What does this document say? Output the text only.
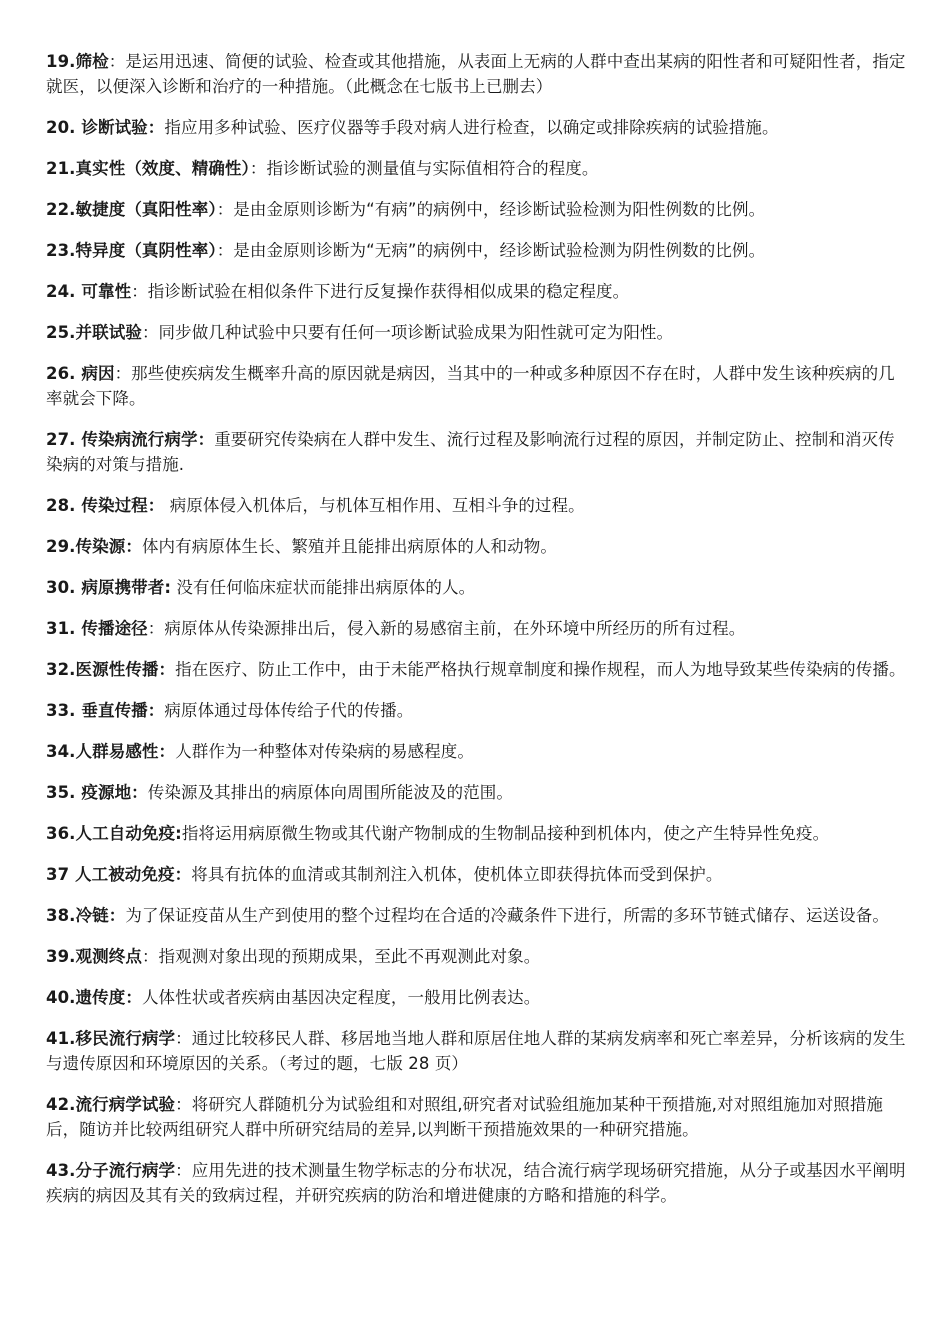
19.筛检：是运用迅速、简便的试验、检查或其他措施，从表面上无病的人群中查出某病的阳性者和可疑阳性者，指定就医，以便深入诊断和治疗的一种措施。（此概念在七版书上已删去）

20. 诊断试验：指应用多种试验、医疗仪器等手段对病人进行检查，以确定或排除疾病的试验措施。

21.真实性（效度、精确性）：指诊断试验的测量值与实际值相符合的程度。

22.敏捷度（真阳性率）：是由金原则诊断为“有病”的病例中，经诊断试验检测为阳性例数的比例。

23.特异度（真阴性率）：是由金原则诊断为“无病”的病例中，经诊断试验检测为阴性例数的比例。

24. 可靠性：指诊断试验在相似条件下进行反复操作获得相似成果的稳定程度。

25.并联试验：同步做几种试验中只要有任何一项诊断试验成果为阳性就可定为阳性。

26. 病因：那些使疾病发生概率升高的原因就是病因，当其中的一种或多种原因不存在时，人群中发生该种疾病的几率就会下降。

27. 传染病流行病学：重要研究传染病在人群中发生、流行过程及影响流行过程的原因，并制定防止、控制和消灭传染病的对策与措施.

28. 传染过程： 病原体侵入机体后，与机体互相作用、互相斗争的过程。

29.传染源：体内有病原体生长、繁殖并且能排出病原体的人和动物。

30. 病原携带者: 没有任何临床症状而能排出病原体的人。

31. 传播途径：病原体从传染源排出后，侵入新的易感宿主前，在外环境中所经历的所有过程。

32.医源性传播：指在医疗、防止工作中，由于未能严格执行规章制度和操作规程，而人为地导致某些传染病的传播。

33. 垂直传播：病原体通过母体传给子代的传播。

34.人群易感性：人群作为一种整体对传染病的易感程度。

35. 疫源地：传染源及其排出的病原体向周围所能波及的范围。

36.人工自动免疫:指将运用病原微生物或其代谢产物制成的生物制品接种到机体内，使之产生特异性免疫。

37 人工被动免疫：将具有抗体的血清或其制剂注入机体，使机体立即获得抗体而受到保护。

38.冷链：为了保证疫苗从生产到使用的整个过程均在合适的冷藏条件下进行，所需的多环节链式储存、运送设备。

39.观测终点：指观测对象出现的预期成果，至此不再观测此对象。

40.遗传度：人体性状或者疾病由基因决定程度，一般用比例表达。

41.移民流行病学：通过比较移民人群、移居地当地人群和原居住地人群的某病发病率和死亡率差异，分析该病的发生与遗传原因和环境原因的关系。（考过的题，七版 28 页）

42.流行病学试验：将研究人群随机分为试验组和对照组,研究者对试验组施加某种干预措施,对对照组施加对照措施后，随访并比较两组研究人群中所研究结局的差异,以判断干预措施效果的一种研究措施。

43.分子流行病学：应用先进的技术测量生物学标志的分布状况，结合流行病学现场研究措施，从分子或基因水平阐明疾病的病因及其有关的致病过程，并研究疾病的防治和增进健康的方略和措施的科学。
